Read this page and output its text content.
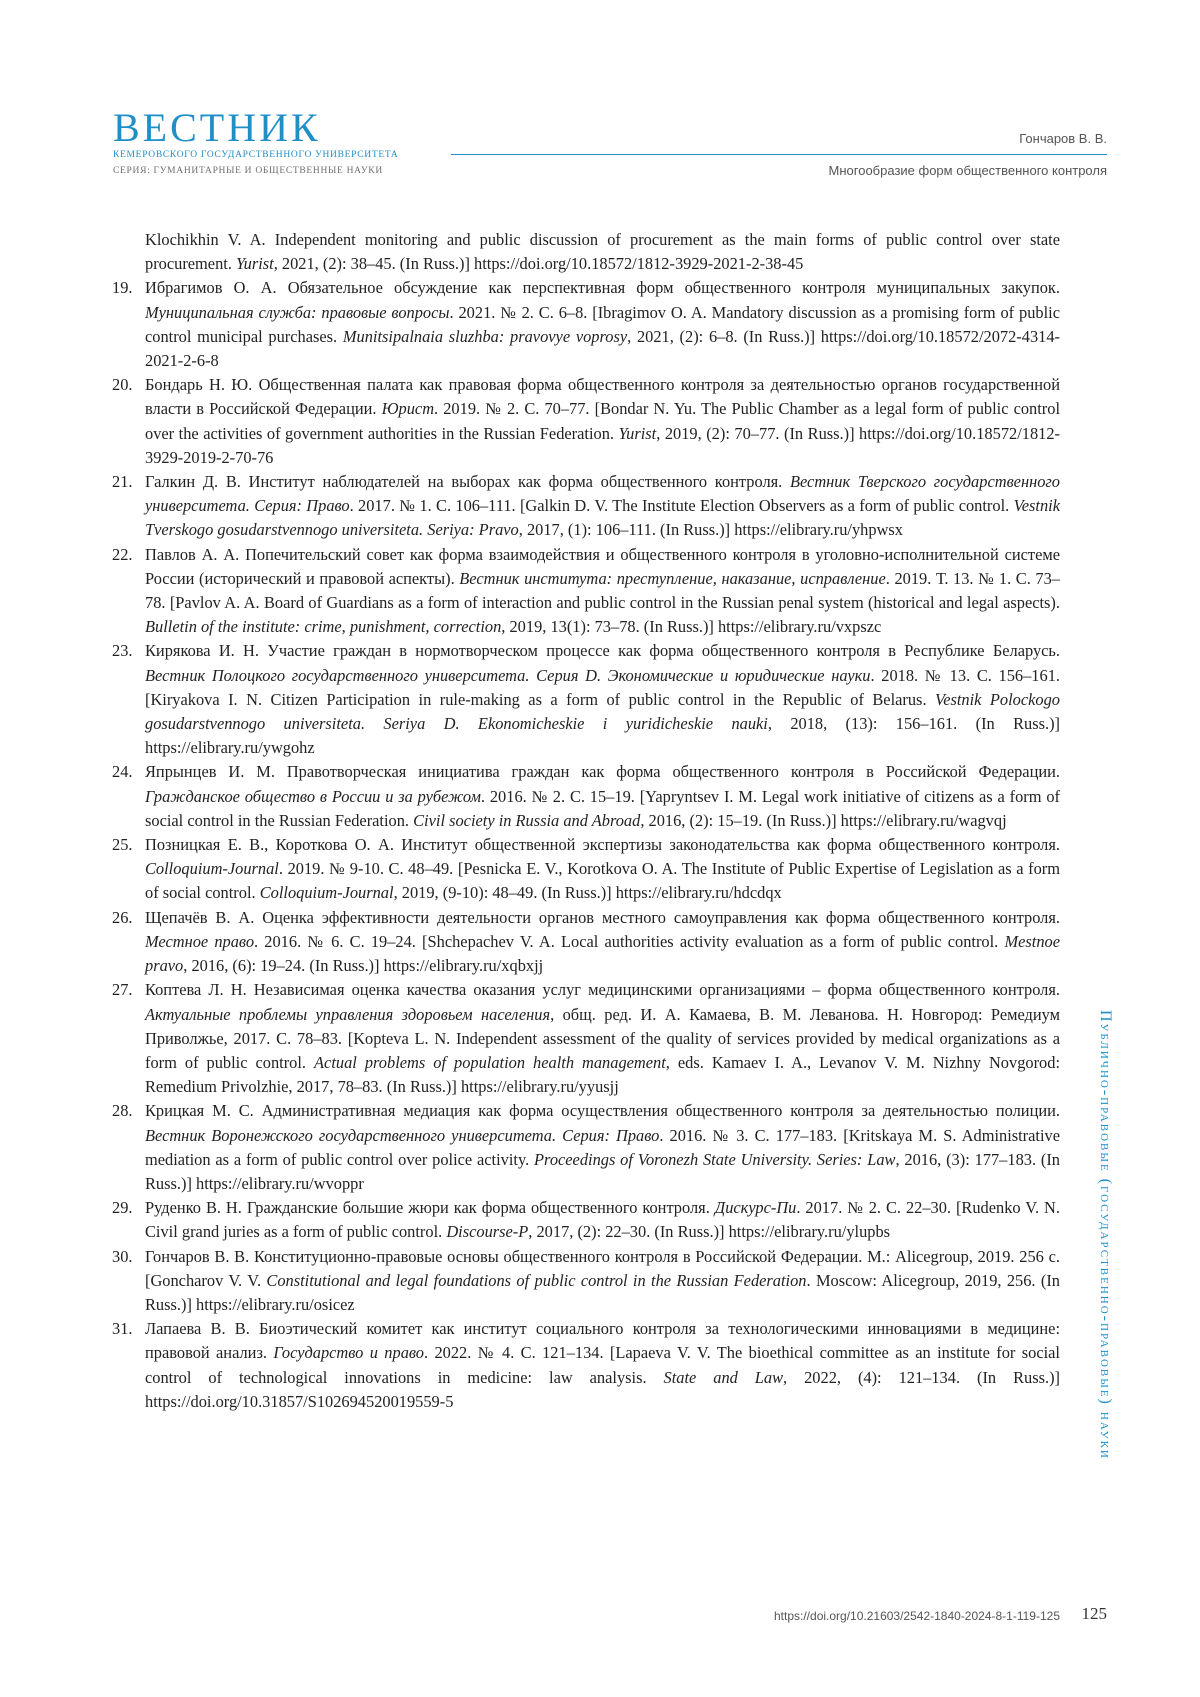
ВЕСТНИК
КЕМЕРОВСКОГО ГОСУДАРСТВЕННОГО УНИВЕРСИТЕТА
СЕРИЯ: ГУМАНИТАРНЫЕ И ОБЩЕСТВЕННЫЕ НАУКИ
Гончаров В. В.
Многообразие форм общественного контроля
Klochikhin V. A. Independent monitoring and public discussion of procurement as the main forms of public control over state procurement. Yurist, 2021, (2): 38–45. (In Russ.)] https://doi.org/10.18572/1812-3929-2021-2-38-45
19. Ибрагимов О. А. Обязательное обсуждение как перспективная форм общественного контроля муниципальных закупок. Муниципальная служба: правовые вопросы. 2021. № 2. С. 6–8. [Ibragimov O. A. Mandatory discussion as a promising form of public control municipal purchases. Munitsipalnaia sluzhba: pravovye voprosy, 2021, (2): 6–8. (In Russ.)] https://doi.org/10.18572/2072-4314-2021-2-6-8
20. Бондарь Н. Ю. Общественная палата как правовая форма общественного контроля за деятельностью органов государственной власти в Российской Федерации. Юрист. 2019. № 2. С. 70–77. [Bondar N. Yu. The Public Chamber as a legal form of public control over the activities of government authorities in the Russian Federation. Yurist, 2019, (2): 70–77. (In Russ.)] https://doi.org/10.18572/1812-3929-2019-2-70-76
21. Галкин Д. В. Институт наблюдателей на выборах как форма общественного контроля. Вестник Тверского государственного университета. Серия: Право. 2017. № 1. С. 106–111. [Galkin D. V. The Institute Election Observers as a form of public control. Vestnik Tverskogo gosudarstvennogo universiteta. Seriya: Pravo, 2017, (1): 106–111. (In Russ.)] https://elibrary.ru/yhpwsx
22. Павлов А. А. Попечительский совет как форма взаимодействия и общественного контроля в уголовно-исполнительной системе России (исторический и правовой аспекты). Вестник института: преступление, наказание, исправление. 2019. Т. 13. № 1. С. 73–78. [Pavlov A. A. Board of Guardians as a form of interaction and public control in the Russian penal system (historical and legal aspects). Bulletin of the institute: crime, punishment, correction, 2019, 13(1): 73–78. (In Russ.)] https://elibrary.ru/vxpszc
23. Кирякова И. Н. Участие граждан в нормотворческом процессе как форма общественного контроля в Республике Беларусь. Вестник Полоцкого государственного университета. Серия D. Экономические и юридические науки. 2018. № 13. С. 156–161. [Kiryakova I. N. Citizen Participation in rule-making as a form of public control in the Republic of Belarus. Vestnik Polockogo gosudarstvennogo universiteta. Seriya D. Ekonomicheskie i yuridicheskie nauki, 2018, (13): 156–161. (In Russ.)] https://elibrary.ru/ywgohz
24. Япрынцев И. М. Правотворческая инициатива граждан как форма общественного контроля в Российской Федерации. Гражданское общество в России и за рубежом. 2016. № 2. С. 15–19. [Yapryntsev I. M. Legal work initiative of citizens as a form of social control in the Russian Federation. Civil society in Russia and Abroad, 2016, (2): 15–19. (In Russ.)] https://elibrary.ru/wagvqj
25. Позницкая Е. В., Короткова О. А. Институт общественной экспертизы законодательства как форма общественного контроля. Colloquium-Journal. 2019. № 9-10. С. 48–49. [Pesnicka E. V., Korotkova O. A. The Institute of Public Expertise of Legislation as a form of social control. Colloquium-Journal, 2019, (9-10): 48–49. (In Russ.)] https://elibrary.ru/hdcdqx
26. Щепачёв В. А. Оценка эффективности деятельности органов местного самоуправления как форма общественного контроля. Местное право. 2016. № 6. С. 19–24. [Shchepachev V. A. Local authorities activity evaluation as a form of public control. Mestnoe pravo, 2016, (6): 19–24. (In Russ.)] https://elibrary.ru/xqbxjj
27. Коптева Л. Н. Независимая оценка качества оказания услуг медицинскими организациями – форма общественного контроля. Актуальные проблемы управления здоровьем населения, общ. ред. И. А. Камаева, В. М. Леванова. Н. Новгород: Ремедиум Приволжье, 2017. С. 78–83. [Kopteva L. N. Independent assessment of the quality of services provided by medical organizations as a form of public control. Actual problems of population health management, eds. Kamaev I. A., Levanov V. M. Nizhny Novgorod: Remedium Privolzhie, 2017, 78–83. (In Russ.)] https://elibrary.ru/yyusjj
28. Крицкая М. С. Административная медиация как форма осуществления общественного контроля за деятельностью полиции. Вестник Воронежского государственного университета. Серия: Право. 2016. № 3. С. 177–183. [Kritskaya M. S. Administrative mediation as a form of public control over police activity. Proceedings of Voronezh State University. Series: Law, 2016, (3): 177–183. (In Russ.)] https://elibrary.ru/wvoppr
29. Руденко В. Н. Гражданские большие жюри как форма общественного контроля. Дискурс-Пи. 2017. № 2. С. 22–30. [Rudenko V. N. Civil grand juries as a form of public control. Discourse-P, 2017, (2): 22–30. (In Russ.)] https://elibrary.ru/ylupbs
30. Гончаров В. В. Конституционно-правовые основы общественного контроля в Российской Федерации. М.: Alicegroup, 2019. 256 с. [Goncharov V. V. Constitutional and legal foundations of public control in the Russian Federation. Moscow: Alicegroup, 2019, 256. (In Russ.)] https://elibrary.ru/osicez
31. Лапаева В. В. Биоэтический комитет как институт социального контроля за технологическими инновациями в медицине: правовой анализ. Государство и право. 2022. № 4. С. 121–134. [Lapaeva V. V. The bioethical committee as an institute for social control of technological innovations in medicine: law analysis. State and Law, 2022, (4): 121–134. (In Russ.)] https://doi.org/10.31857/S102694520019559-5	Публично-правовые (государственно-правовые) науки
https://doi.org/10.21603/2542-1840-2024-8-1-119-125 125
